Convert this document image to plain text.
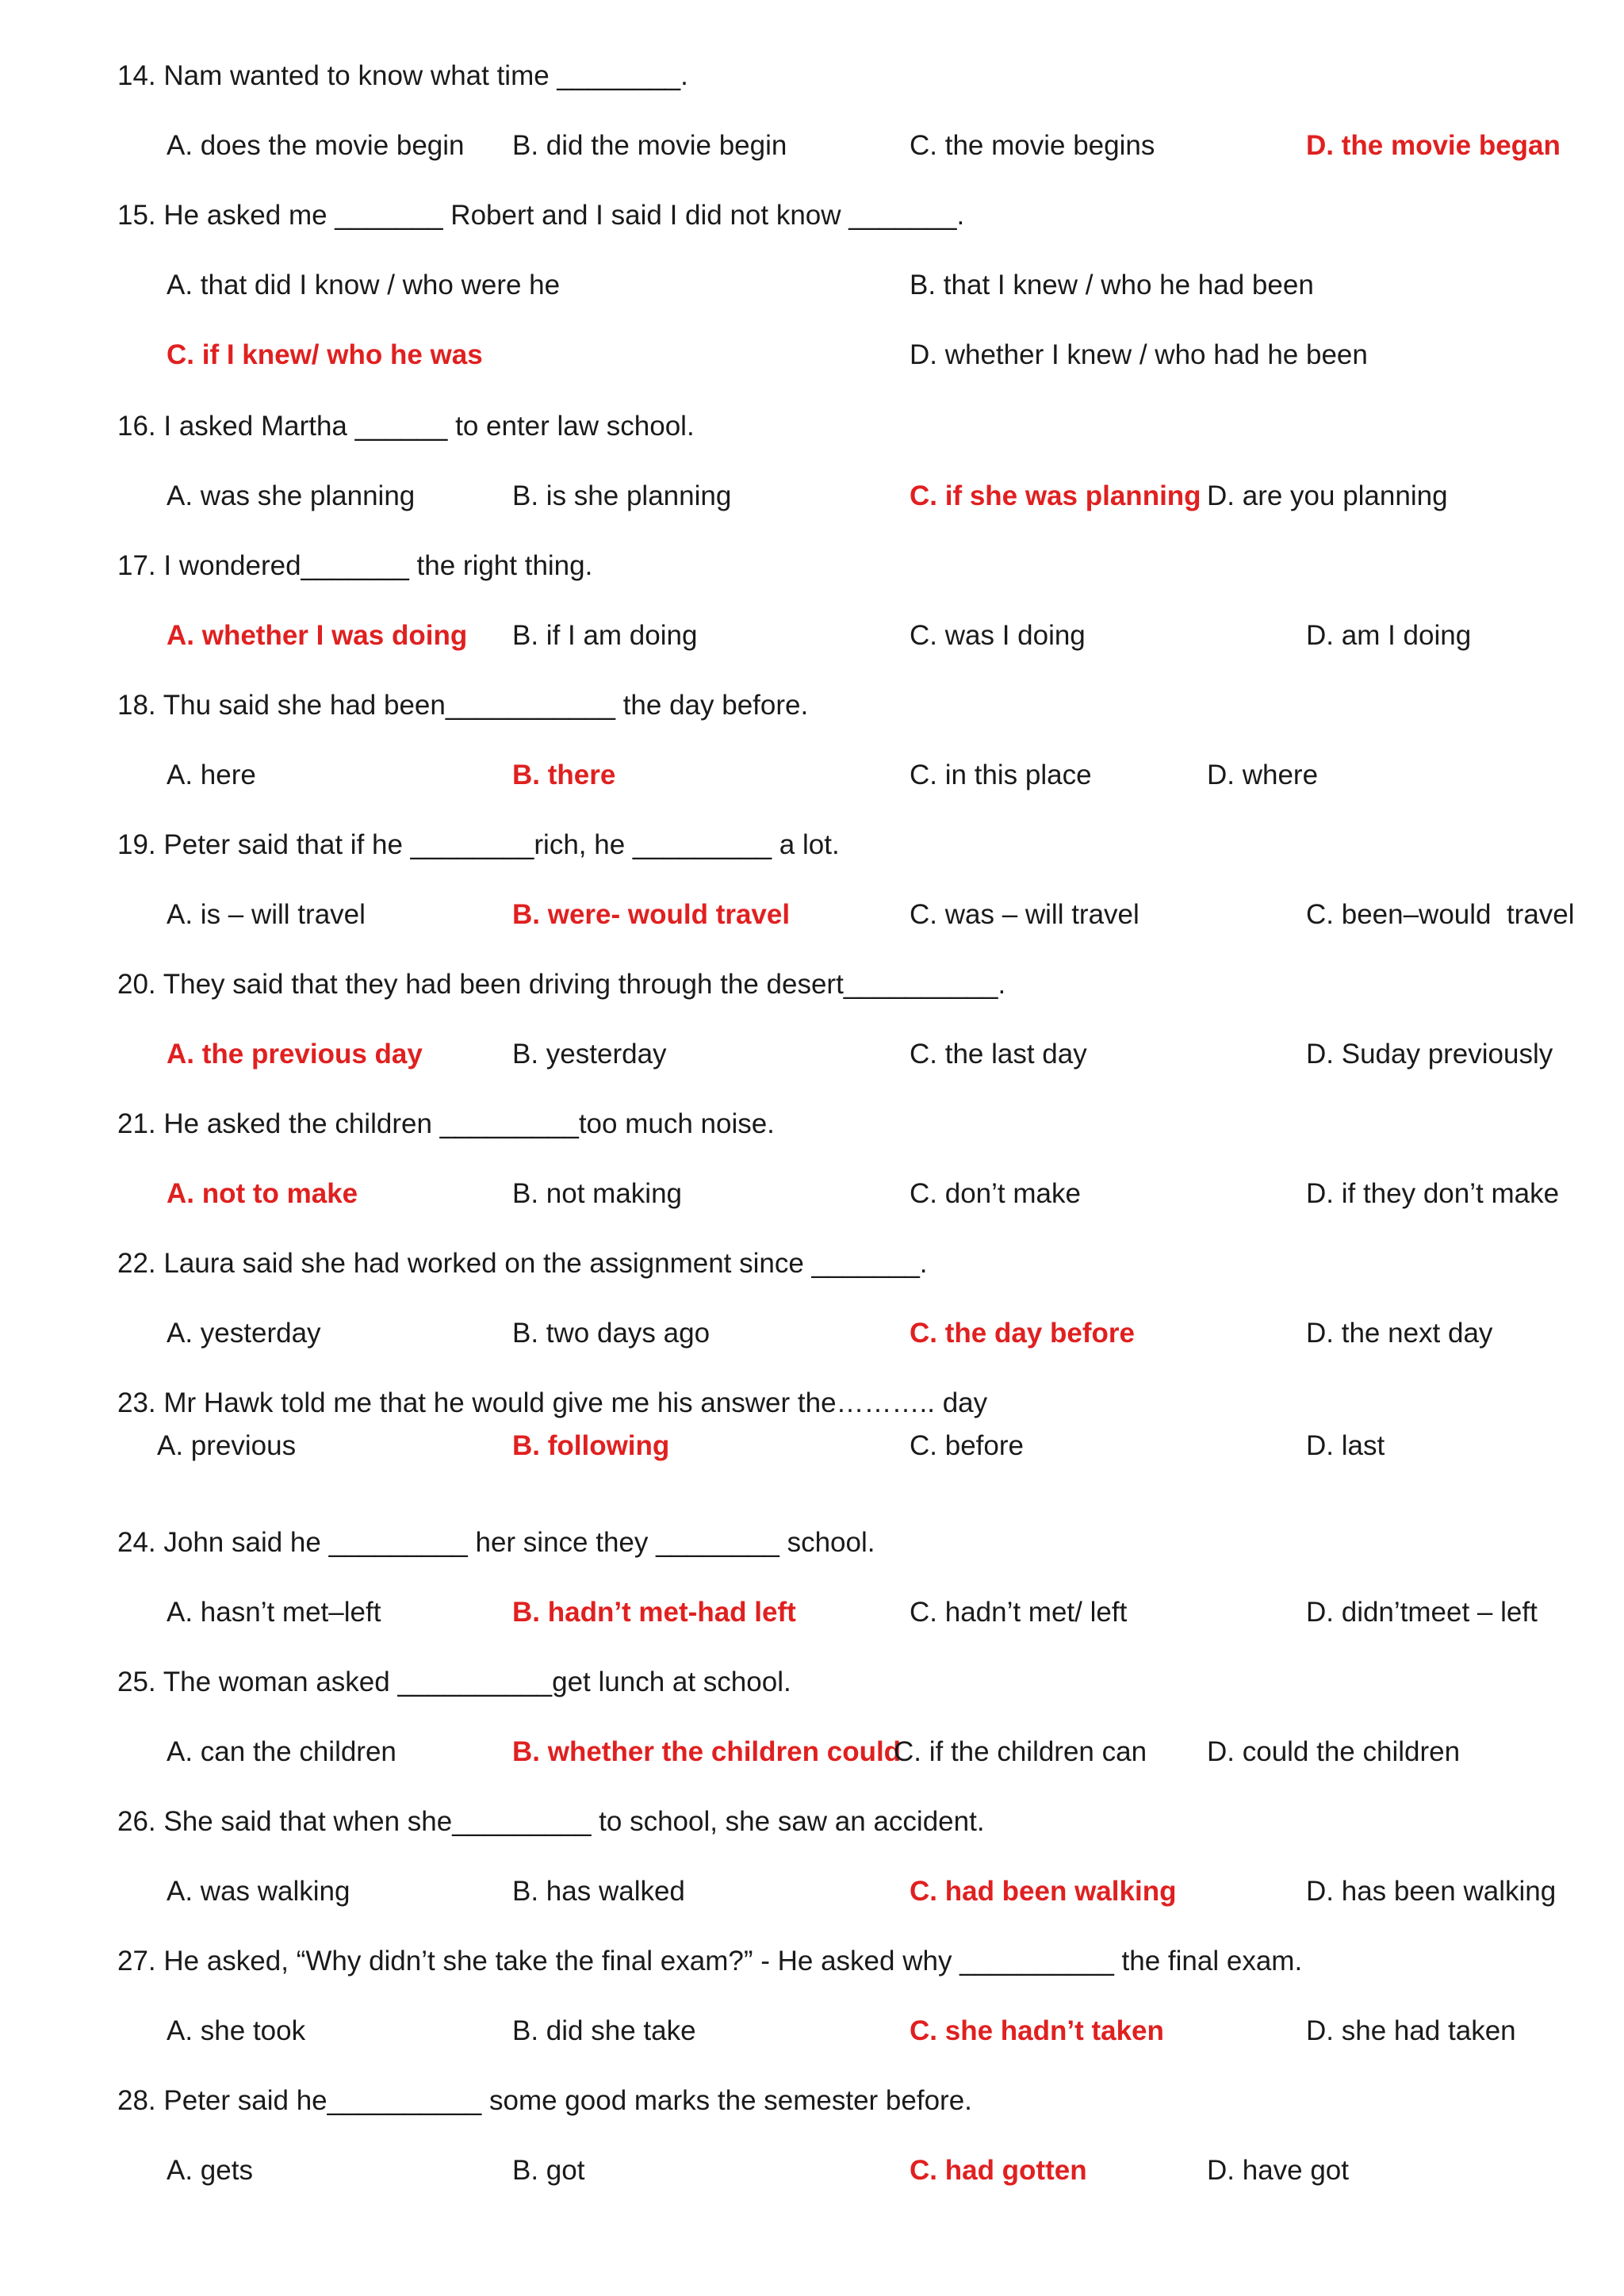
14. Nam wanted to know what time ________.
A. does the movie begin B. did the movie begin	C. the movie begins	D. the movie began
15. He asked me _______ Robert and I said I did not know _______.
A. that did I know / who were he	B. that I knew / who he had been
C. if I knew/ who he was	D. whether I knew / who had he been
16. I asked Martha ______ to enter law school.
A. was she planning	B. is she planning	C. if she was planning D. are you planning
17. I wondered_______ the right thing.
A. whether I was doing B. if I am doing	C. was I doing	D. am I doing
18. Thu said she had been___________ the day before.
A. here	B. there	C. in this place	D. where
19. Peter said that if he ________rich, he _________ a lot.
A. is – will travel	B. were- would travel	C. was – will travel	C. been–would  travel
20. They said that they had been driving through the desert__________.
A. the previous day	B. yesterday	C. the last day	D. Suday previously
21. He asked the children _________too much noise.
A. not to make	B. not making	C. don’t make	D. if they don’t make
22. Laura said she had worked on the assignment since _______.
A. yesterday	B. two days ago	C. the day before	D. the next day
23. Mr Hawk told me that he would give me his answer the……….. day
A. previous	B. following	C. before	D. last
24. John said he _________ her since they ________ school.
A. hasn’t met–left	B. hadn’t met-had left	C. hadn’t met/ left	D. didn’tmeet – left
25. The woman asked __________get lunch at school.
A. can the children	B. whether the children could
C. if the children can D. could the children
26. She said that when she_________ to school, she saw an accident.
A. was walking	B. has walked	C. had been walking	D. has been walking
27. He asked, “Why didn’t she take the final exam?” - He asked why __________ the final exam.
A. she took	B. did she take	C. she hadn’t taken	D. she had taken
28. Peter said he__________ some good marks the semester before.
A. gets	B. got	C. had gotten	D. have got
